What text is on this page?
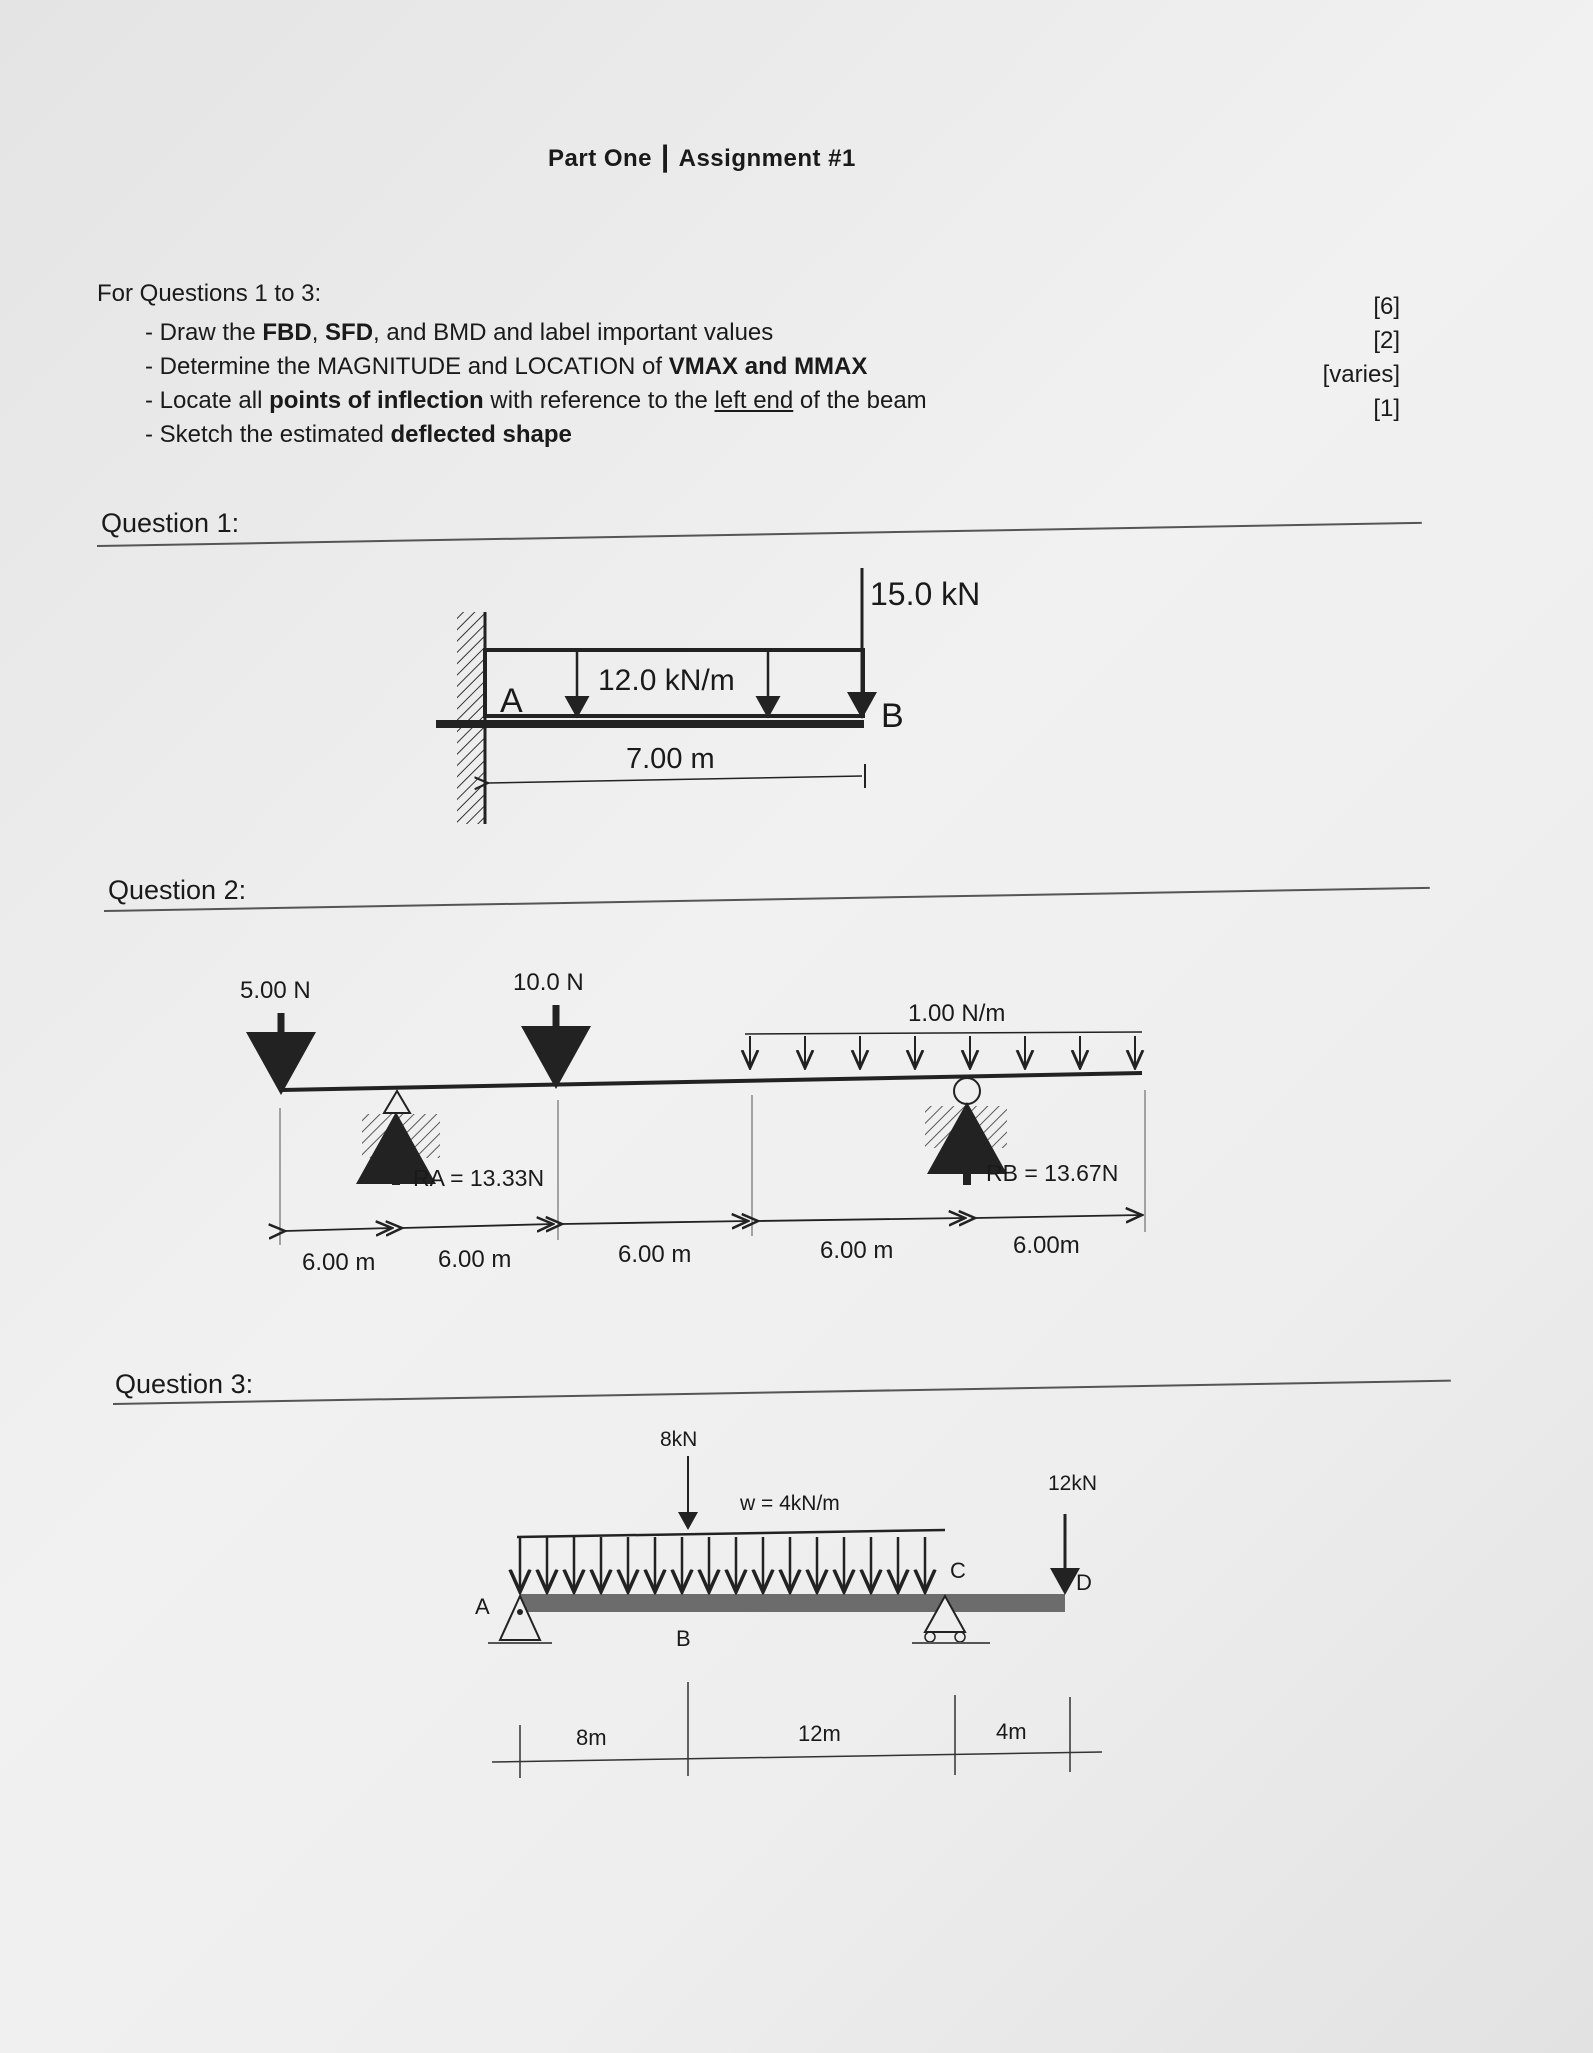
Part One | Assignment #1
For Questions 1 to 3:
- Draw the FBD, SFD, and BMD and label important values
- Determine the MAGNITUDE and LOCATION of VMAX and MMAX
- Locate all points of inflection with reference to the left end of the beam
- Sketch the estimated deflected shape
[6]
[2]
[varies]
[1]
Question 1:
Question 2:
Question 3:
15.0 kN
12.0 kN/m
A	B
7.00 m
5.00 N	10.0 N
1.00 N/m
RA = 13.33N	RB = 13.67N
6.00 m	6.00 m	6.00 m	6.00 m	6.00m
8kN
w = 4kN/m
12kN
A
B
C	D
8m	12m	4m
